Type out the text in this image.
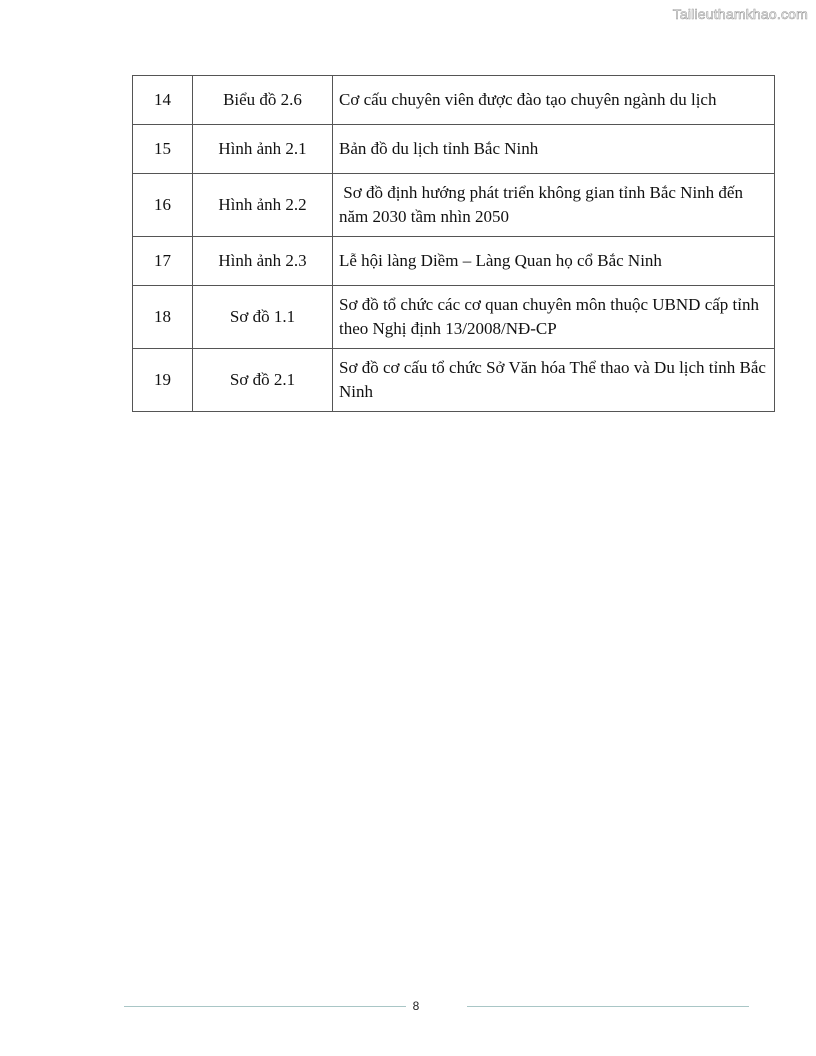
Tailieuthamkhao.com
14	Biểu đồ 2.6	Cơ cấu chuyên viên được đào tạo chuyên ngành du lịch
15	Hình ảnh 2.1	Bản đồ du lịch tỉnh Bắc Ninh
16	Hình ảnh 2.2	Sơ đồ định hướng phát triển không gian tỉnh Bắc Ninh đến năm 2030 tầm nhìn 2050
17	Hình ảnh 2.3	Lễ hội làng Diềm – Làng Quan họ cổ Bắc Ninh
18	Sơ đồ 1.1	Sơ đồ tổ chức các cơ quan chuyên môn thuộc UBND cấp tỉnh theo Nghị định 13/2008/NĐ-CP
19	Sơ đồ 2.1	Sơ đồ cơ cấu tổ chức Sở Văn hóa Thể thao và Du lịch tỉnh Bắc Ninh
8
